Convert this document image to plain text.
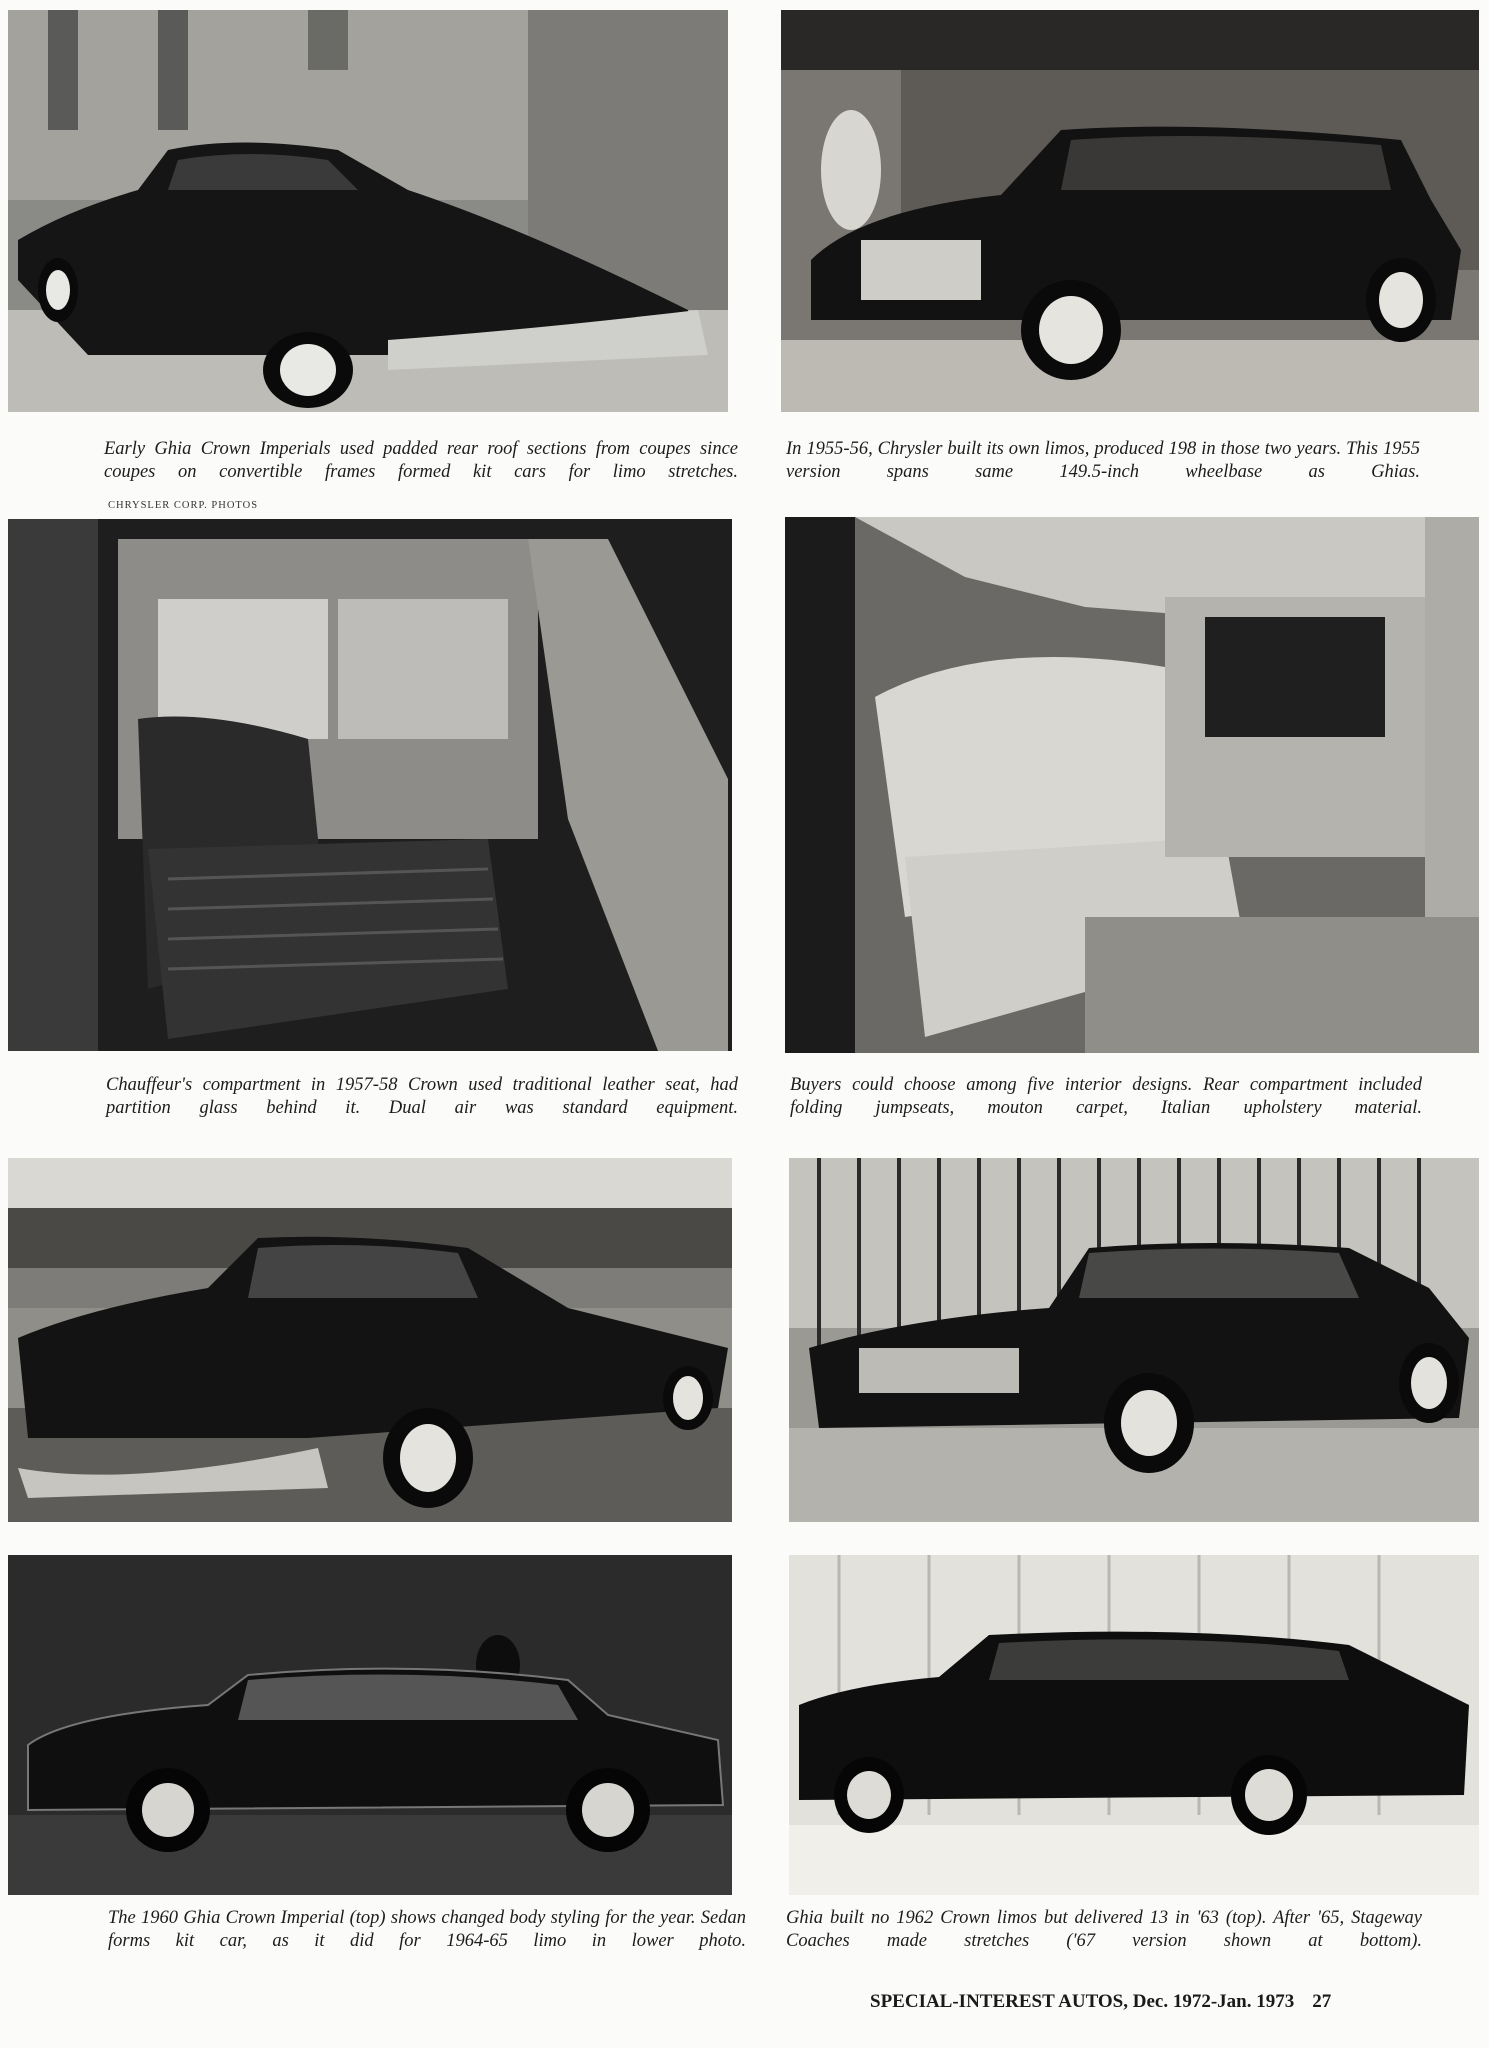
Early Ghia Crown Imperials used padded rear roof sections from coupes since coupes on convertible frames formed kit cars for limo stretches.
In 1955-56, Chrysler built its own limos, produced 198 in those two years. This 1955 version spans same 149.5-inch wheelbase as Ghias.
CHRYSLER CORP. PHOTOS
Chauffeur's compartment in 1957-58 Crown used traditional leather seat, had partition glass behind it. Dual air was standard equipment.
Buyers could choose among five interior designs. Rear compartment included folding jumpseats, mouton carpet, Italian upholstery material.
The 1960 Ghia Crown Imperial (top) shows changed body styling for the year. Sedan forms kit car, as it did for 1964-65 limo in lower photo.
Ghia built no 1962 Crown limos but delivered 13 in '63 (top). After '65, Stageway Coaches made stretches ('67 version shown at bottom).
SPECIAL-INTEREST AUTOS, Dec. 1972-Jan. 1973 27
